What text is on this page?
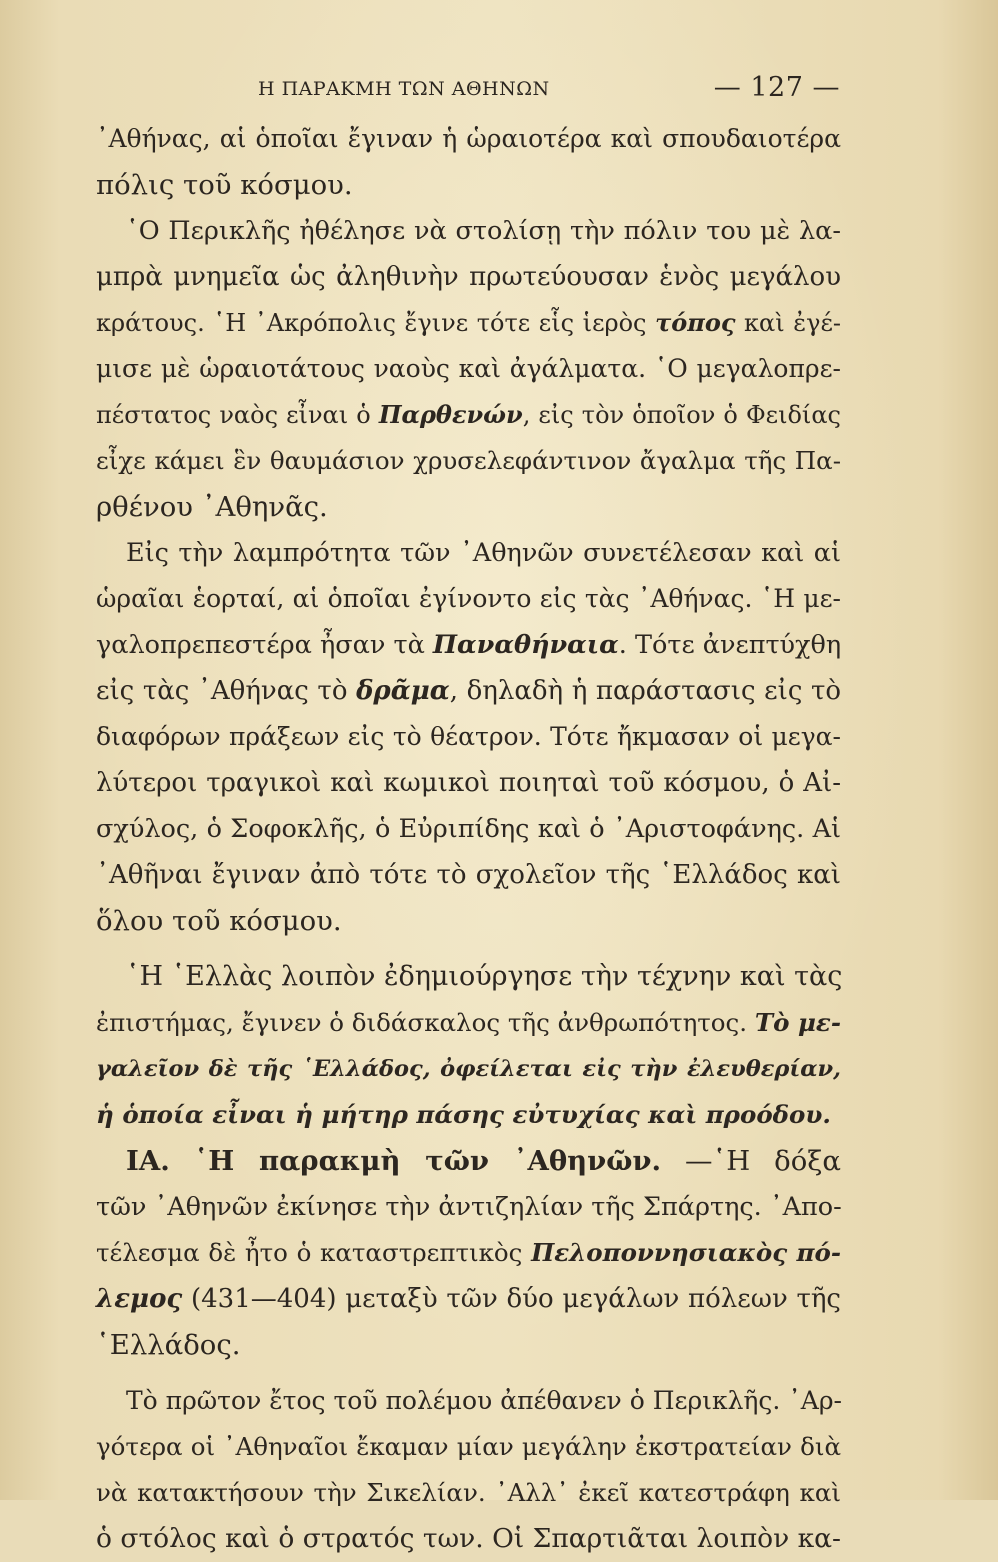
Η ΠΑΡΑΚΜΗ ΤΩΝ ΑΘΗΝΩΝ	— 127 —
᾿Αθήνας, αἱ ὁποῖαι ἔγιναν ἡ ὡραιοτέρα καὶ σπουδαιοτέρα
πόλις τοῦ κόσμου.
῾Ο Περικλῆς ἠθέλησε νὰ στολίσῃ τὴν πόλιν του μὲ λα-
μπρὰ μνημεῖα ὡς ἀληθινὴν πρωτεύουσαν ἑνὸς μεγάλου
κράτους. ῾Η ᾿Ακρόπολις ἔγινε τότε εἷς ἱερὸς τόπος καὶ ἐγέ-
μισε μὲ ὡραιοτάτους ναοὺς καὶ ἀγάλματα. ῾Ο μεγαλοπρε-
πέστατος ναὸς εἶναι ὁ Παρθενών, εἰς τὸν ὁποῖον ὁ Φειδίας
εἶχε κάμει ἓν θαυμάσιον χρυσελεφάντινον ἄγαλμα τῆς Πα-
ρθένου ᾿Αθηνᾶς.
Εἰς τὴν λαμπρότητα τῶν ᾿Αθηνῶν συνετέλεσαν καὶ αἱ
ὡραῖαι ἑορταί, αἱ ὁποῖαι ἐγίνοντο εἰς τὰς ᾿Αθήνας. ῾Η με-
γαλοπρεπεστέρα ἦσαν τὰ Παναθήναια. Τότε ἀνεπτύχθη
εἰς τὰς ᾿Αθήνας τὸ δρᾶμα, δηλαδὴ ἡ παράστασις εἰς τὸ
διαφόρων πράξεων εἰς τὸ θέατρον. Τότε ἤκμασαν οἱ μεγα-
λύτεροι τραγικοὶ καὶ κωμικοὶ ποιηταὶ τοῦ κόσμου, ὁ Αἰ-
σχύλος, ὁ Σοφοκλῆς, ὁ Εὐριπίδης καὶ ὁ ᾿Αριστοφάνης. Αἱ
᾿Αθῆναι ἔγιναν ἀπὸ τότε τὸ σχολεῖον τῆς ῾Ελλάδος καὶ
ὅλου τοῦ κόσμου.
῾Η ῾Ελλὰς λοιπὸν ἐδημιούργησε τὴν τέχνην καὶ τὰς
ἐπιστήμας, ἔγινεν ὁ διδάσκαλος τῆς ἀνθρωπότητος. Τὸ με-
γαλεῖον δὲ τῆς ῾Ελλάδος, ὀφείλεται εἰς τὴν ἐλευθερίαν,
ἡ ὁποία εἶναι ἡ μήτηρ πάσης εὐτυχίας καὶ προόδου.
ΙΑ. ῾Η παρακμὴ τῶν ᾿Αθηνῶν. —῾Η δόξα
τῶν ᾿Αθηνῶν ἐκίνησε τὴν ἀντιζηλίαν τῆς Σπάρτης. ᾿Απο-
τέλεσμα δὲ ἦτο ὁ καταστρεπτικὸς Πελοποννησιακὸς πό-
λεμος (431—404) μεταξὺ τῶν δύο μεγάλων πόλεων τῆς
῾Ελλάδος.
Τὸ πρῶτον ἔτος τοῦ πολέμου ἀπέθανεν ὁ Περικλῆς. ᾿Αρ-
γότερα οἱ ᾿Αθηναῖοι ἔκαμαν μίαν μεγάλην ἐκστρατείαν διὰ
νὰ κατακτήσουν τὴν Σικελίαν. ᾿Αλλ᾿ ἐκεῖ κατεστράφη καὶ
ὁ στόλος καὶ ὁ στρατός των. Οἱ Σπαρτιᾶται λοιπὸν κα-
